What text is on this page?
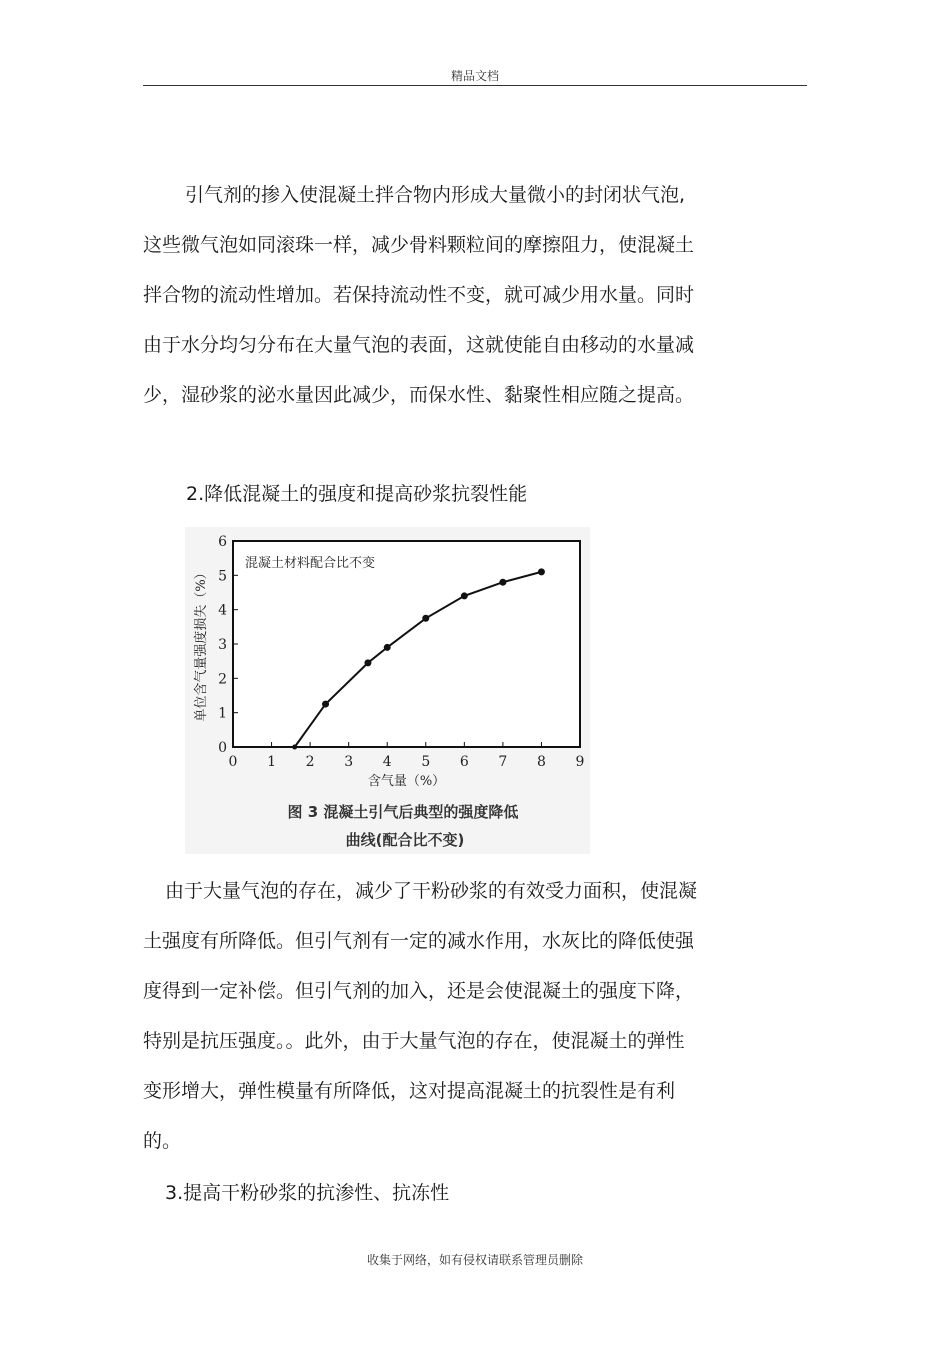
精品文档
引气剂的掺入使混凝土拌合物内形成大量微小的封闭状气泡,
这些微气泡如同滚珠一样，减少骨料颗粒间的摩擦阻力，使混凝土
拌合物的流动性增加。若保持流动性不变，就可减少用水量。同时
由于水分均匀分布在大量气泡的表面，这就使能自由移动的水量减
少，湿砂浆的泌水量因此减少，而保水性、黏聚性相应随之提高。
2.降低混凝土的强度和提高砂浆抗裂性能
0
1
2
3
4
5
6
0 1 2 3 4 5 6 7 8 9
混凝土材料配合比不变
单位含气量强度损失（%）
含气量（%）
图 3 混凝土引气后典型的强度降低
曲线(配合比不变)
由于大量气泡的存在，减少了干粉砂浆的有效受力面积，使混凝
土强度有所降低。但引气剂有一定的减水作用，水灰比的降低使强
度得到一定补偿。但引气剂的加入，还是会使混凝土的强度下降，
特别是抗压强度。。此外，由于大量气泡的存在，使混凝土的弹性
变形增大，弹性模量有所降低，这对提高混凝土的抗裂性是有利
的。
3.提高干粉砂浆的抗渗性、抗冻性
收集于网络，如有侵权请联系管理员删除
